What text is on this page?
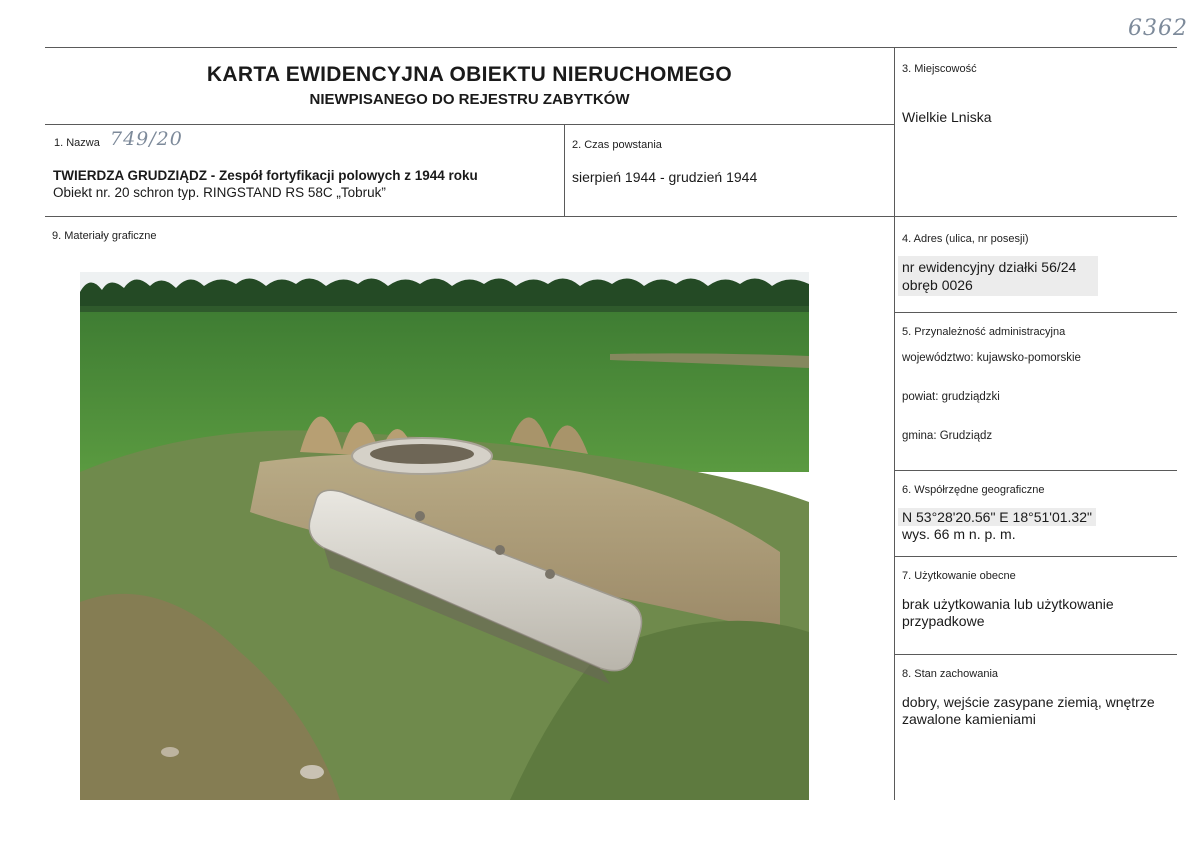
6362
KARTA EWIDENCYJNA OBIEKTU NIERUCHOMEGO
NIEWPISANEGO DO REJESTRU ZABYTKÓW
1. Nazwa 749/20
TWIERDZA GRUDZIĄDZ - Zespół fortyfikacji polowych z 1944 roku
Obiekt nr. 20 schron typ. RINGSTAND RS 58C „Tobruk”
2. Czas powstania
sierpień 1944 - grudzień 1944
3. Miejscowość
Wielkie Lniska
4. Adres (ulica, nr posesji)
nr ewidencyjny działki 56/24
obręb 0026
5. Przynależność administracyjna
województwo: kujawsko-pomorskie
powiat: grudziądzki
gmina: Grudziądz
6. Współrzędne geograficzne
N 53°28'20.56" E 18°51'01.32"
wys. 66 m n. p. m.
7. Użytkowanie obecne
brak użytkowania lub użytkowanie
przypadkowe
8. Stan zachowania
dobry, wejście zasypane ziemią, wnętrze
zawalone kamieniami
9. Materiały graficzne
